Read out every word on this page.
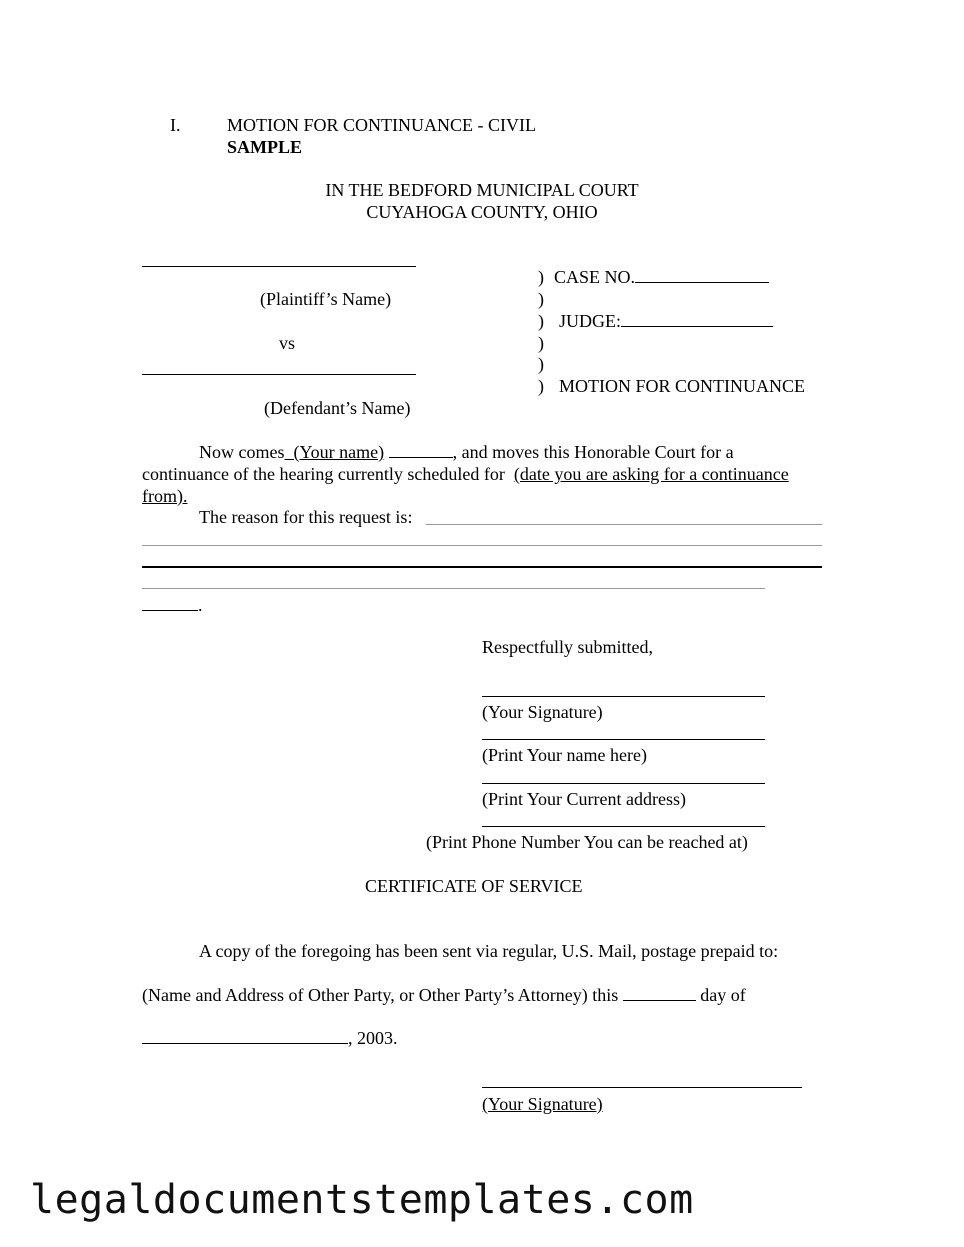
I.	MOTION FOR CONTINUANCE - CIVIL
SAMPLE
IN THE BEDFORD MUNICIPAL COURT
CUYAHOGA COUNTY, OHIO
(Plaintiff’s Name)
vs
(Defendant’s Name)
)
)
)
)
)
)
CASE NO.
JUDGE:
MOTION FOR CONTINUANCE
Now comes (Your name)	, and moves this Honorable Court for a
continuance of the hearing currently scheduled for (date you are asking for a continuance
from).
The reason for this request is:
.
Respectfully submitted,
(Your Signature)
(Print Your name here)
(Print Your Current address)
(Print Phone Number You can be reached at)
CERTIFICATE OF SERVICE
A copy of the foregoing has been sent via regular, U.S. Mail, postage prepaid to:
(Name and Address of Other Party, or Other Party’s Attorney) this	day of
, 2003.
(Your Signature)
legaldocumentstemplates.com
